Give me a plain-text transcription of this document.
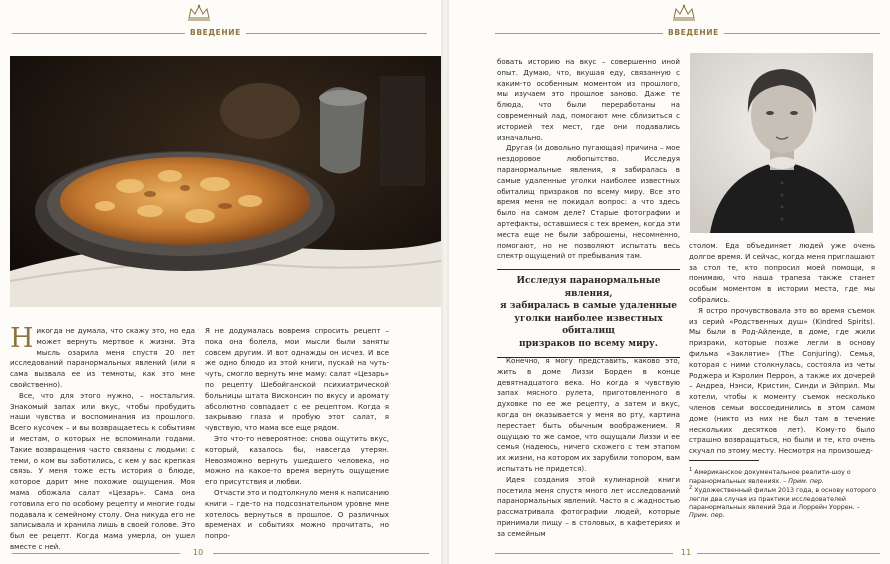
ВВЕДЕНИЕ

Никогда не думала, что скажу это, но еда может вернуть мертвое к жизни. Эта мысль озарила меня спустя 20 лет исследований паранормальных явлений (или я сама вызвала ее из темноты, как это мне свойственно).

Все, что для этого нужно, – ностальгия. Знакомый запах или вкус, чтобы пробудить наши чувства и воспоминания из прошлого. Всего кусочек – и вы возвращаетесь к событиям и местам, о которых не вспоминали годами. Такие возвращения часто связаны с людьми: с теми, о ком вы заботились, с кем у вас крепкая связь. У меня тоже есть история о блюде, которое дарит мне похожие ощущения. Моя мама обожала салат «Цезарь». Сама она готовила его по особому рецепту и многие годы подавала к семейному столу. Она никуда его не записывала и хранила лишь в своей голове. Это был ее рецепт. Когда мама умерла, он ушел вместе с ней.

Я не додумалась вовремя спросить рецепт – пока она болела, мои мысли были заняты совсем другим. И вот однажды он исчез. И все же одно блюдо из этой книги, пускай на чуть-чуть, смогло вернуть мне маму: салат «Цезарь» по рецепту Шебойганской психиатрической больницы штата Висконсин по вкусу и аромату абсолютно совпадает с ее рецептом. Когда я закрываю глаза и пробую этот салат, я чувствую, что мама все еще рядом.

Это что-то невероятное: снова ощутить вкус, который, казалось бы, навсегда утерян. Невозможно вернуть ушедшего человека, но можно на какое-то время вернуть ощущение его присутствия и любви.

Отчасти это и подтолкнуло меня к написанию книги – где-то на подсознательном уровне мне хотелось вернуться в прошлое. О различных временах и событиях можно прочитать, но попро-

10
ВВЕДЕНИЕ

бовать историю на вкус – совершенно иной опыт. Думаю, что, вкушая еду, связанную с каким-то особенным моментом из прошлого, мы изучаем это прошлое заново. Даже те блюда, что были переработаны на современный лад, помогают мне сблизиться с историей тех мест, где они подавались изначально.

Другая (и довольно пугающая) причина – мое нездоровое любопытство. Исследуя паранормальные явления, я забиралась в самые удаленные уголки наиболее известных обиталищ призраков по всему миру. Все это время меня не покидал вопрос: а что здесь было на самом деле? Старые фотографии и артефакты, оставшиеся с тех времен, когда эти места еще не были заброшены, несомненно, помогают, но не позволяют испытать весь спектр ощущений от пребывания там.

Конечно, я могу представить, каково это, жить в доме Лиззи Борден в конце девятнадцатого века. Но когда я чувствую запах мясного рулета, приготовленного в духовке по ее же рецепту, а затем и вкус, когда он оказывается у меня во рту, картина перестает быть обычным воображением. Я ощущаю то же самое, что ощущали Лиззи и ее семья (надеюсь, ничего схожего с тем этапом их жизни, на котором их зарубили топором, вам испытать не придется).

Идея создания этой кулинарной книги посетила меня спустя много лет исследований паранормальных явлений. Часто я с жадностью рассматривала фотографии людей, которые принимали пищу – в столовых, в кафетериях и за семейным

столом. Еда объединяет людей уже очень долгое время. И сейчас, когда меня приглашают за стол те, кто попросил моей помощи, я понимаю, что наша трапеза также станет особым моментом в истории места, где мы собрались.

Я остро прочувствовала это во время съемок из серий «Родственных душ» (Kindred Spirits). Мы были в Род-Айленде, в доме, где жили призраки, которые позже легли в основу фильма «Заклятие» (The Conjuring). Семья, которая с ними столкнулась, состояла из четы Роджера и Кэролин Перрон, а также их дочерей – Андреа, Нэнси, Кристин, Синди и Эйприл. Мы хотели, чтобы к моменту съемок несколько членов семьи воссоединились в этом самом доме (никто из них не был там в течение нескольких десятков лет). Кому-то было страшно возвращаться, но были и те, кто очень скучал по этому месту. Несмотря на произошед-

$^1$ Американское документальное реалити-шоу о паранормальных явлениях. – Прим. пер.
$^2$ Художественный фильм 2013 года, в основу которого легли два случая из практики исследователей паранормальных явлений Эда и Лоррейн Уоррен. – Прим. пер.
11
Исследуя паранормальные явления,
я забиралась в самые удаленные
уголки наиболее известных обиталищ
призраков по всему миру.
